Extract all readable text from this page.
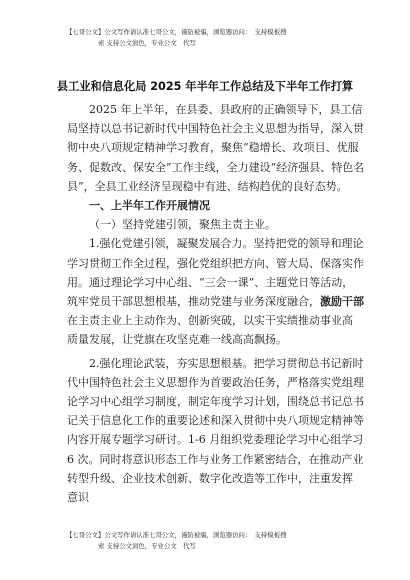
【七哥公文】公文写作请认准七哥公文，谨防被骗，浏览器访问：　支持模板搜
索 支持公文润色，专业公文　代写
县工业和信息化局 2025 年半年工作总结及下半年工作打算

2025 年上半年，在县委、县政府的正确领导下，县工信
局坚持以总书记新时代中国特色社会主义思想为指导，深入贯
彻中央八项规定精神学习教育，聚焦“稳增长、攻项目、优服
务、促数改、保安全”工作主线，全力建设“经济强县、特色名
县”，全县工业经济呈现稳中有进、结构趋优的良好态势。

一、上半年工作开展情况

（一）坚持党建引领，聚焦主责主业。

1.强化党建引领，凝聚发展合力。坚持把党的领导和理论
学习贯彻工作全过程，强化党组织把方向、管大局、保落实作
用。通过理论学习中心组、“三会一课”、主题党日等活动，
筑牢党员干部思想根基，推动党建与业务深度融合，激励干部
在主责主业上主动作为、创新突破，以实干实绩推动事业高
质量发展，让党旗在攻坚克难一线高高飘扬。

2.强化理论武装，夯实思想根基。把学习贯彻总书记新时
代中国特色社会主义思想作为首要政治任务，严格落实党组理
论学习中心组学习制度，制定年度学习计划，围绕总书记总书
记关于信息化工作的重要论述和深入贯彻中央八项规定精神等
内容开展专题学习研讨。1-6 月组织党委理论学习中心组学习
6 次。同时将意识形态工作与业务工作紧密结合，在推动产业
转型升级、企业技术创新、数字化改造等工作中，注重发挥
意识

【七哥公文】公文写作请认准七哥公文，谨防被骗，浏览器访问：　支持模板搜
索 支持公文润色，专业公文　代写
